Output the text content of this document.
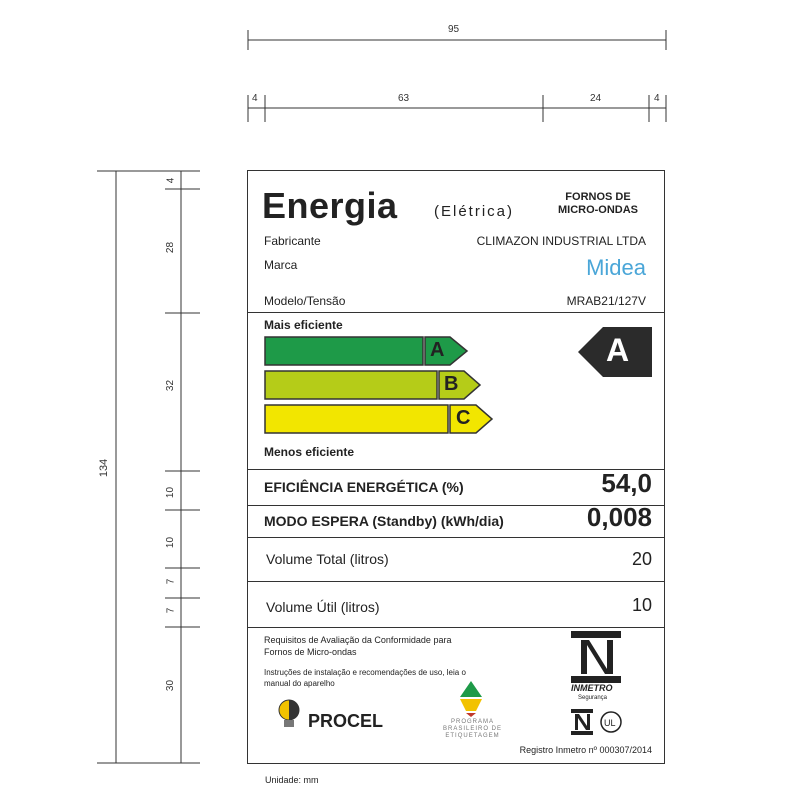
95
4	63	24	4
134
4
28
32
10
10
7
7
30
Energia (Elétrica)
FORNOS DE
MICRO-ONDAS
Fabricante	CLIMAZON INDUSTRIAL LTDA
Marca	Midea
Modelo/Tensão	MRAB21/127V
Mais eficiente
A
B
C
A
Menos eficiente
EFICIÊNCIA ENERGÉTICA (%)	54,0
MODO ESPERA (Standby) (kWh/dia)	0,008
Volume Total (litros)	20
Volume Útil (litros)	10
Requisitos de Avaliação da Conformidade para
Fornos de Micro-ondas
Instruções de instalação e recomendações de uso, leia o
manual do aparelho
PROCEL	PROGRAMA
BRASILEIRO DE
ETIQUETAGEM
INMETRO
Segurança
UL
Registro Inmetro nº 000307/2014
Unidade: mm
